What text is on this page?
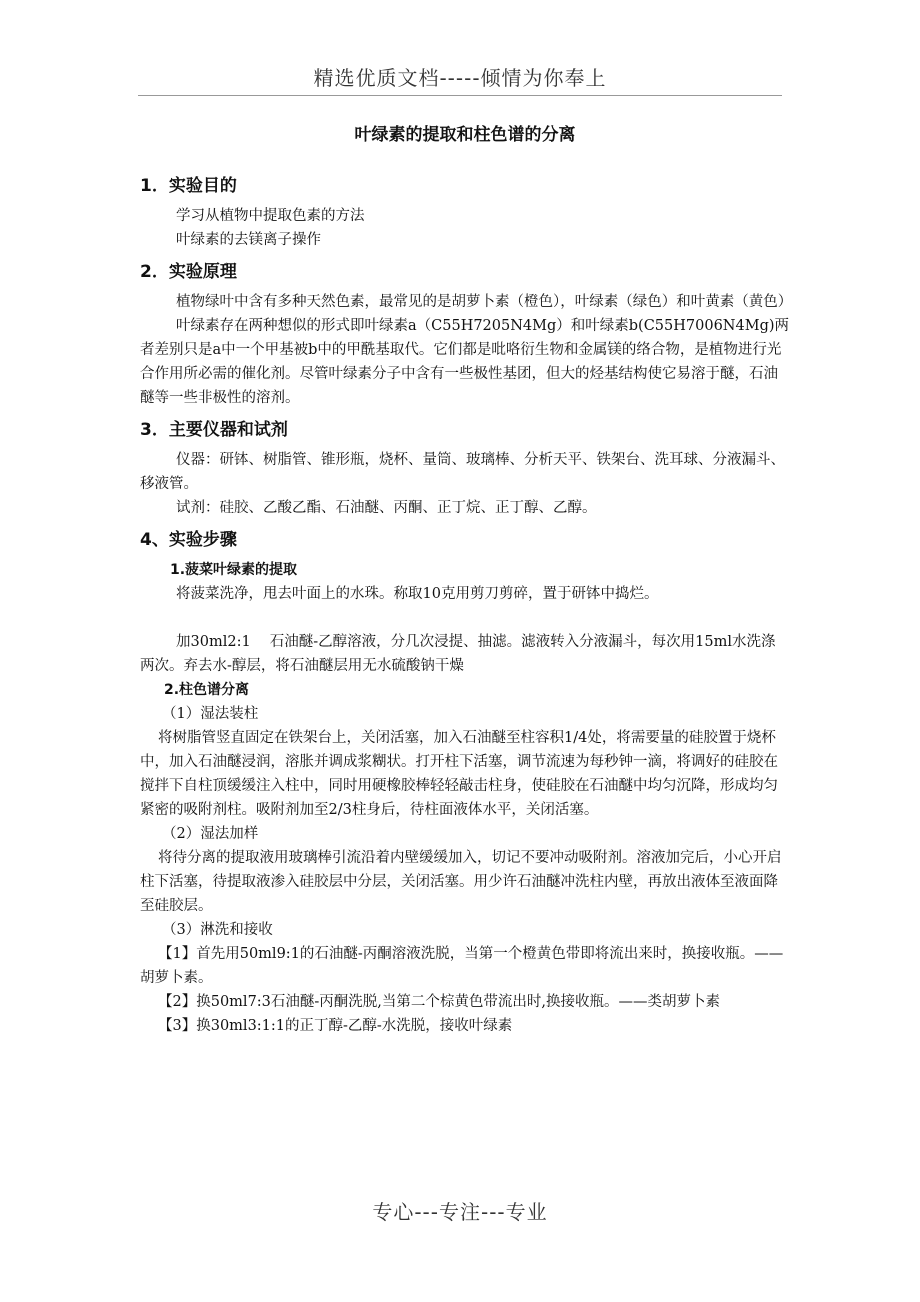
精选优质文档-----倾情为你奉上
叶绿素的提取和柱色谱的分离
1．实验目的

学习从植物中提取色素的方法

叶绿素的去镁离子操作

2．实验原理

植物绿叶中含有多种天然色素，最常见的是胡萝卜素（橙色），叶绿素（绿色）和叶黄素（黄色）

叶绿素存在两种想似的形式即叶绿素a（C55H7205N4Mg）和叶绿素b(C55H7006N4Mg)两者差别只是a中一个甲基被b中的甲酰基取代。它们都是吡咯衍生物和金属镁的络合物，是植物进行光合作用所必需的催化剂。尽管叶绿素分子中含有一些极性基团，但大的烃基结构使它易溶于醚，石油醚等一些非极性的溶剂。

3．主要仪器和试剂

仪器：研钵、树脂管、锥形瓶，烧杯、量筒、玻璃棒、分析天平、铁架台、洗耳球、分液漏斗、移液管。

试剂：硅胶、乙酸乙酯、石油醚、丙酮、正丁烷、正丁醇、乙醇。

4、实验步骤
1.菠菜叶绿素的提取

将菠菜洗净，甩去叶面上的水珠。称取10克用剪刀剪碎，置于研钵中捣烂。

加30ml2:1　 石油醚-乙醇溶液，分几次浸提、抽滤。滤液转入分液漏斗，每次用15ml水洗涤两次。弃去水-醇层，将石油醚层用无水硫酸钠干燥

2.柱色谱分离

（1）湿法装柱

将树脂管竖直固定在铁架台上，关闭活塞，加入石油醚至柱容积1/4处，将需要量的硅胶置于烧杯中，加入石油醚浸润，溶胀并调成浆糊状。打开柱下活塞，调节流速为每秒钟一滴，将调好的硅胶在搅拌下自柱顶缓缓注入柱中，同时用硬橡胶棒轻轻敲击柱身，使硅胶在石油醚中均匀沉降，形成均匀紧密的吸附剂柱。吸附剂加至2/3柱身后，待柱面液体水平，关闭活塞。

（2）湿法加样

将待分离的提取液用玻璃棒引流沿着内壁缓缓加入，切记不要冲动吸附剂。溶液加完后，小心开启柱下活塞，待提取液渗入硅胶层中分层，关闭活塞。用少许石油醚冲洗柱内壁，再放出液体至液面降至硅胶层。

（3）淋洗和接收

【1】首先用50ml9:1的石油醚-丙酮溶液洗脱，当第一个橙黄色带即将流出来时，换接收瓶。——胡萝卜素。

【2】换50ml7:3石油醚-丙酮洗脱,当第二个棕黄色带流出时,换接收瓶。——类胡萝卜素

【3】换30ml3:1:1的正丁醇-乙醇-水洗脱，接收叶绿素

专心---专注---专业
